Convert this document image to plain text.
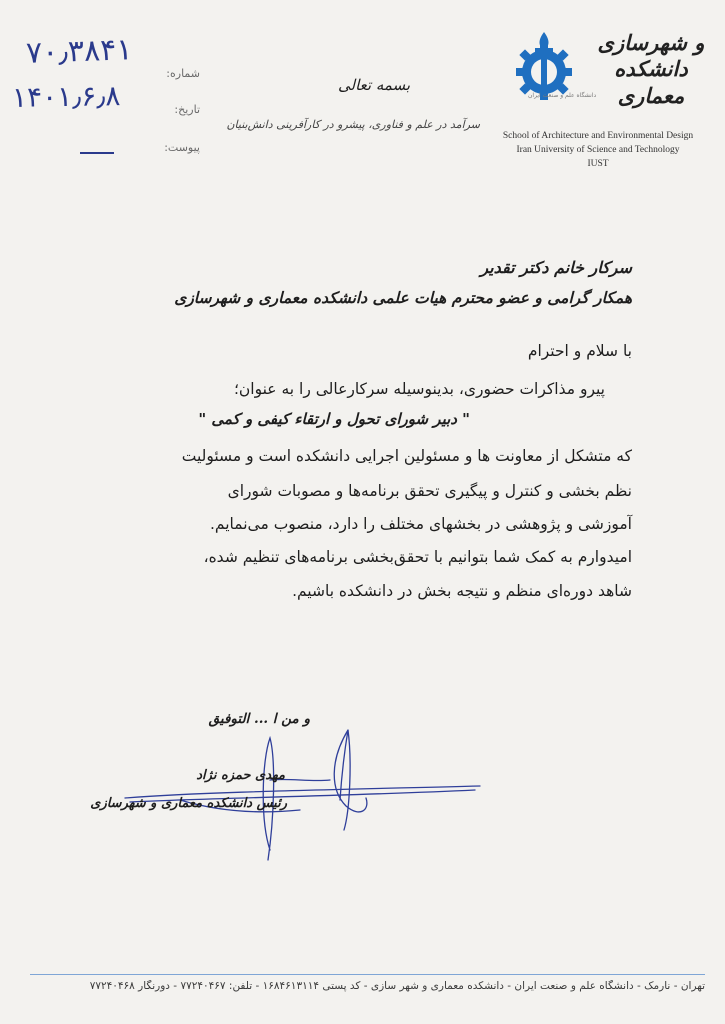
شماره:
تاریخ:
پیوست:
۷۰٫۳۸۴۱
۱۴۰۱٫۶٫۸	بسمه تعالی
سرآمد در علم و فناوری، پیشرو در کارآفرینی دانش‌بنیان
دانشگاه علم و صنعت ایران
و شهرسازی
دانشکده معماری
School of Architecture and Environmental Design
Iran University of Science and Technology
IUST
سرکار خانم دکتر تقدیر
همکار گرامی و عضو محترم هیات علمی دانشکده معماری و شهرسازی
با سلام و احترام
پیرو مذاکرات حضوری، بدینوسیله سرکارعالی را به عنوان؛
" دبیر شورای تحول و ارتقاء کیفی و کمی "
که متشکل از معاونت ها و مسئولین اجرایی دانشکده است و مسئولیت
نظم بخشی و کنترل و پیگیری تحقق برنامه‌ها و مصوبات شورای
آموزشی و پژوهشی در بخشهای مختلف را دارد، منصوب می‌نمایم.
امیدوارم به کمک شما بتوانیم با تحقق‌بخشی برنامه‌های تنظیم شده،
شاهد دوره‌ای منظم و نتیجه بخش در دانشکده باشیم.
و من ا ... التوفیق
مهدی حمزه نژاد
رئیس دانشکده معماری و شهرسازی
تهران - نارمک - دانشگاه علم و صنعت ایران - دانشکده معماری و شهر سازی - کد پستی ۱۶۸۴۶۱۳۱۱۴ - تلفن: ۷۷۲۴۰۴۶۷ - دورنگار ۷۷۲۴۰۴۶۸
